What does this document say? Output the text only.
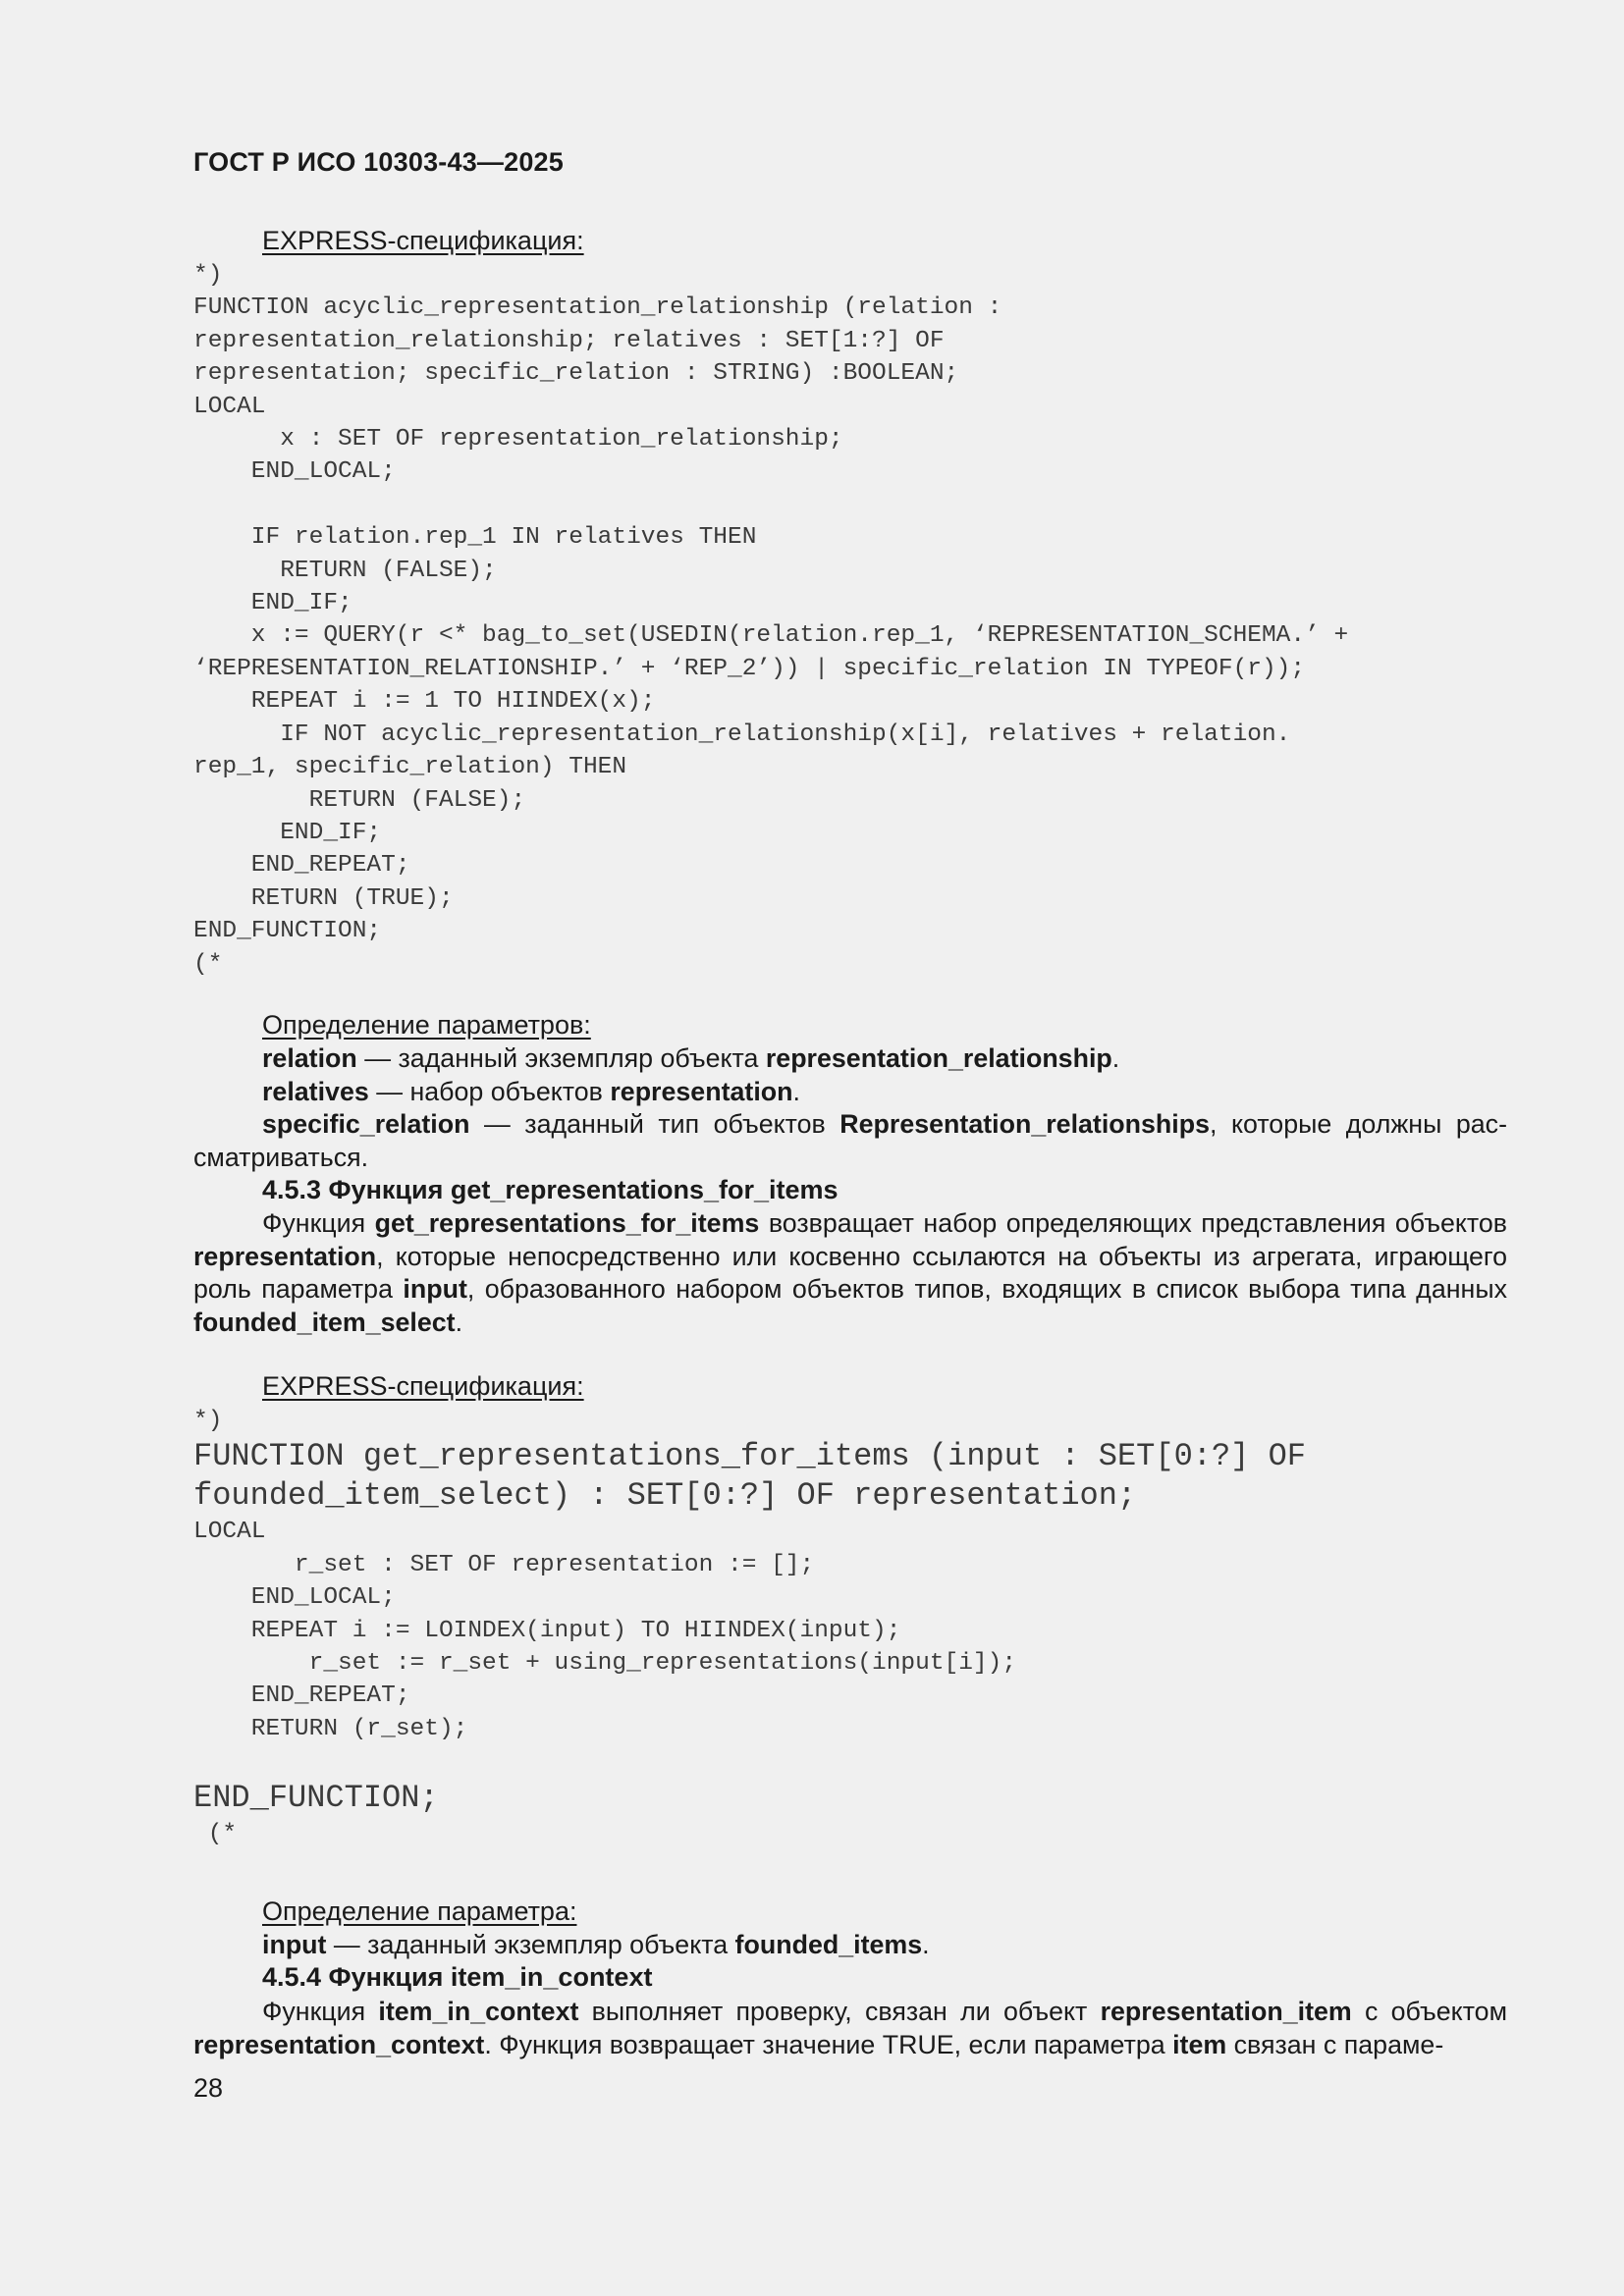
ГОСТ Р ИСО 10303-43—2025
EXPRESS-спецификация:
*)
FUNCTION acyclic_representation_relationship (relation :
representation_relationship; relatives : SET[1:?] OF
representation; specific_relation : STRING) :BOOLEAN;
LOCAL
x : SET OF representation_relationship;
END_LOCAL;

IF relation.rep_1 IN relatives THEN
RETURN (FALSE);
END_IF;
x := QUERY(r <* bag_to_set(USEDIN(relation.rep_1, ‘REPRESENTATION_SCHEMA.’ +
‘REPRESENTATION_RELATIONSHIP.’ + ‘REP_2’)) | specific_relation IN TYPEOF(r));
REPEAT i := 1 TO HIINDEX(x);
IF NOT acyclic_representation_relationship(x[i], relatives + relation.
rep_1, specific_relation) THEN
RETURN (FALSE);
END_IF;
END_REPEAT;
RETURN (TRUE);
END_FUNCTION;
(*
Определение параметров:

relation — заданный экземпляр объекта representation_relationship.

relatives — набор объектов representation.

specific_relation — заданный тип объектов Representation_relationships, которые должны рассматриваться.

4.5.3 Функция get_representations_for_items

Функция get_representations_for_items возвращает набор определяющих представления объектов representation, которые непосредственно или косвенно ссылаются на объекты из агрегата, играющего роль параметра input, образованного набором объектов типов, входящих в список выбора типа данных founded_item_select.

EXPRESS-спецификация:
*)
FUNCTION get_representations_for_items (input : SET[0:?] OF
founded_item_select) : SET[0:?] OF representation;
LOCAL
r_set : SET OF representation := [];
END_LOCAL;
REPEAT i := LOINDEX(input) TO HIINDEX(input);
r_set := r_set + using_representations(input[i]);
END_REPEAT;
RETURN (r_set);

END_FUNCTION;
(*
Определение параметра:

input — заданный экземпляр объекта founded_items.

4.5.4 Функция item_in_context

Функция item_in_context выполняет проверку, связан ли объект representation_item с объектом representation_context. Функция возвращает значение TRUE, если параметра item связан с параме-

28
